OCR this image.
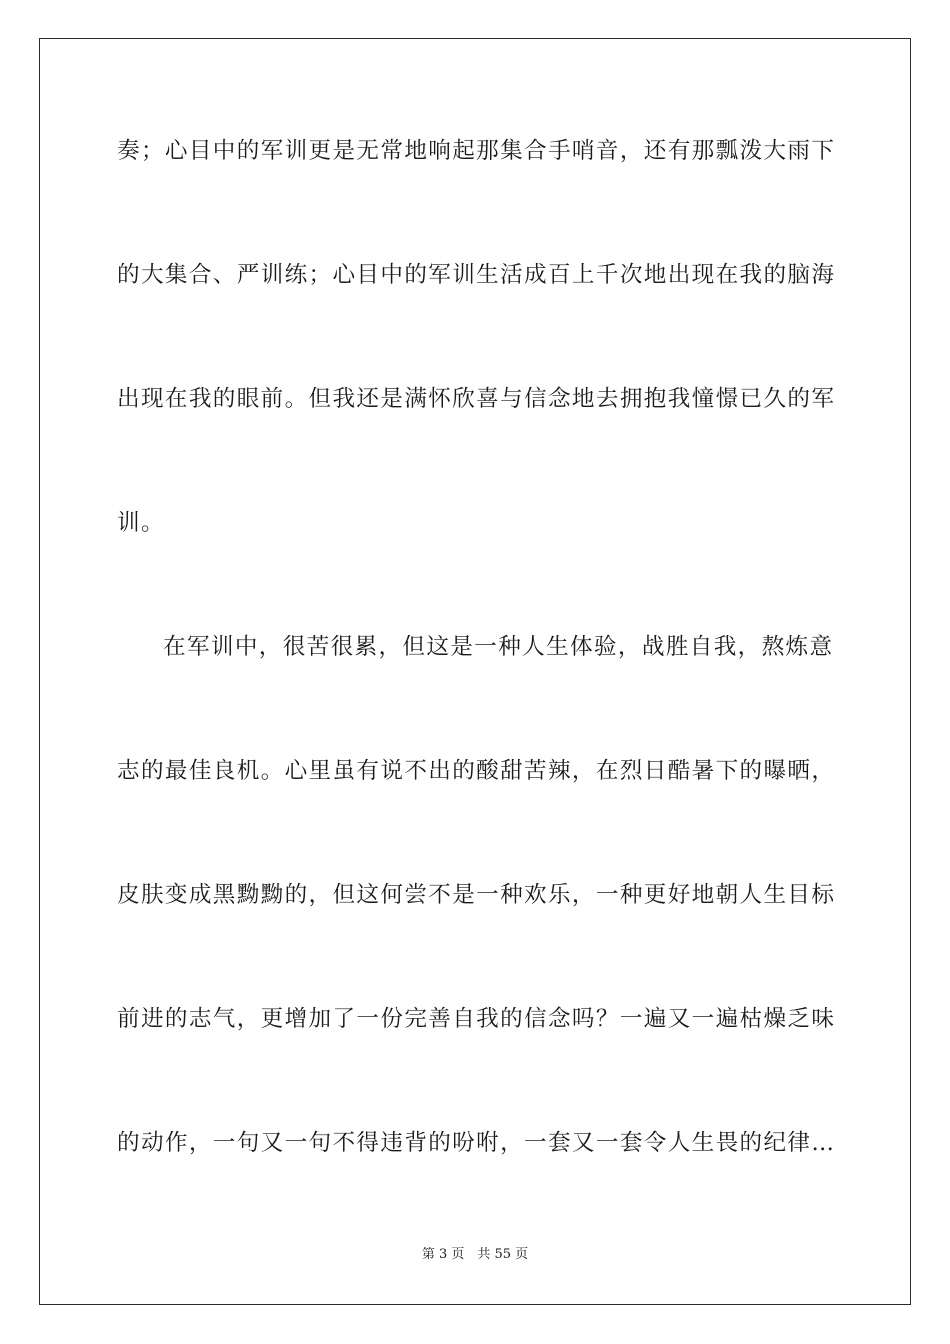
奏；心目中的军训更是无常地响起那集合手哨音，还有那瓢泼大雨下
的大集合、严训练；心目中的军训生活成百上千次地出现在我的脑海
出现在我的眼前。但我还是满怀欣喜与信念地去拥抱我憧憬已久的军
训。
在军训中，很苦很累，但这是一种人生体验，战胜自我，熬炼意
志的最佳良机。心里虽有说不出的酸甜苦辣，在烈日酷暑下的曝晒，
皮肤变成黑黝黝的，但这何尝不是一种欢乐，一种更好地朝人生目标
前进的志气，更增加了一份完善自我的信念吗？一遍又一遍枯燥乏味
的动作，一句又一句不得违背的吩咐，一套又一套令人生畏的纪律…
第 3 页　共 55 页
